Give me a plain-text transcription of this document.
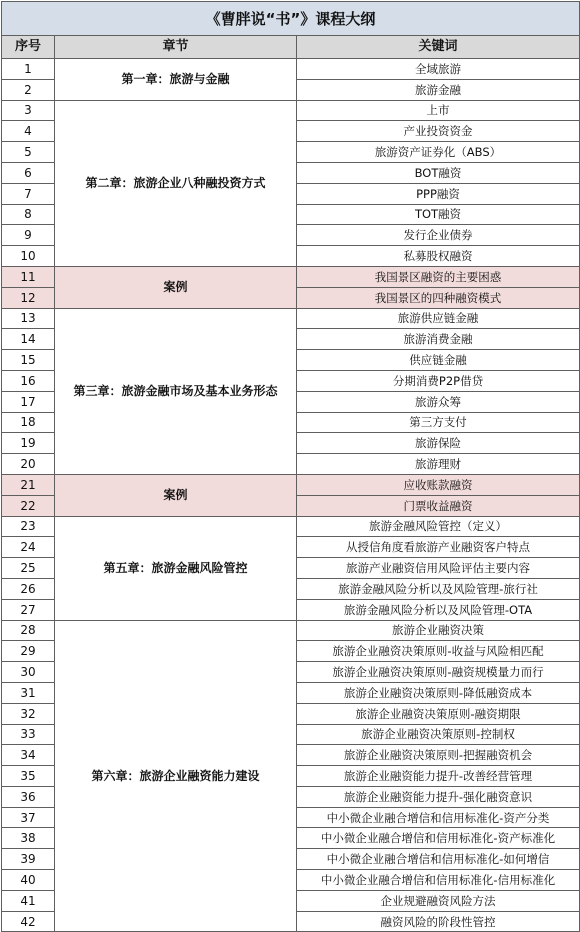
《曹胖说“书”》课程大纲		
序号	章节	关键词
1	第一章：旅游与金融	全域旅游
2		旅游金融
3	第二章：旅游企业八种融投资方式	上市
4		产业投资资金
5		旅游资产证券化（ABS）
6		BOT融资
7		PPP融资
8		TOT融资
9		发行企业债券
10		私募股权融资
11	案例	我国景区融资的主要困惑
12		我国景区的四种融资模式
13	第三章：旅游金融市场及基本业务形态	旅游供应链金融
14		旅游消费金融
15		供应链金融
16		分期消费P2P借贷
17		旅游众筹
18		第三方支付
19		旅游保险
20		旅游理财
21	案例	应收账款融资
22		门票收益融资
23	第五章：旅游金融风险管控	旅游金融风险管控（定义）
24		从授信角度看旅游产业融资客户特点
25		旅游产业融资信用风险评估主要内容
26		旅游金融风险分析以及风险管理-旅行社
27		旅游金融风险分析以及风险管理-OTA
28	第六章：旅游企业融资能力建设	旅游企业融资决策
29		旅游企业融资决策原则-收益与风险相匹配
30		旅游企业融资决策原则-融资规模量力而行
31		旅游企业融资决策原则-降低融资成本
32		旅游企业融资决策原则-融资期限
33		旅游企业融资决策原则-控制权
34		旅游企业融资决策原则-把握融资机会
35		旅游企业融资能力提升-改善经营管理
36		旅游企业融资能力提升-强化融资意识
37		中小微企业融合增信和信用标准化-资产分类
38		中小微企业融合增信和信用标准化-资产标准化
39		中小微企业融合增信和信用标准化-如何增信
40		中小微企业融合增信和信用标准化-信用标准化
41		企业规避融资风险方法
42		融资风险的阶段性管控
